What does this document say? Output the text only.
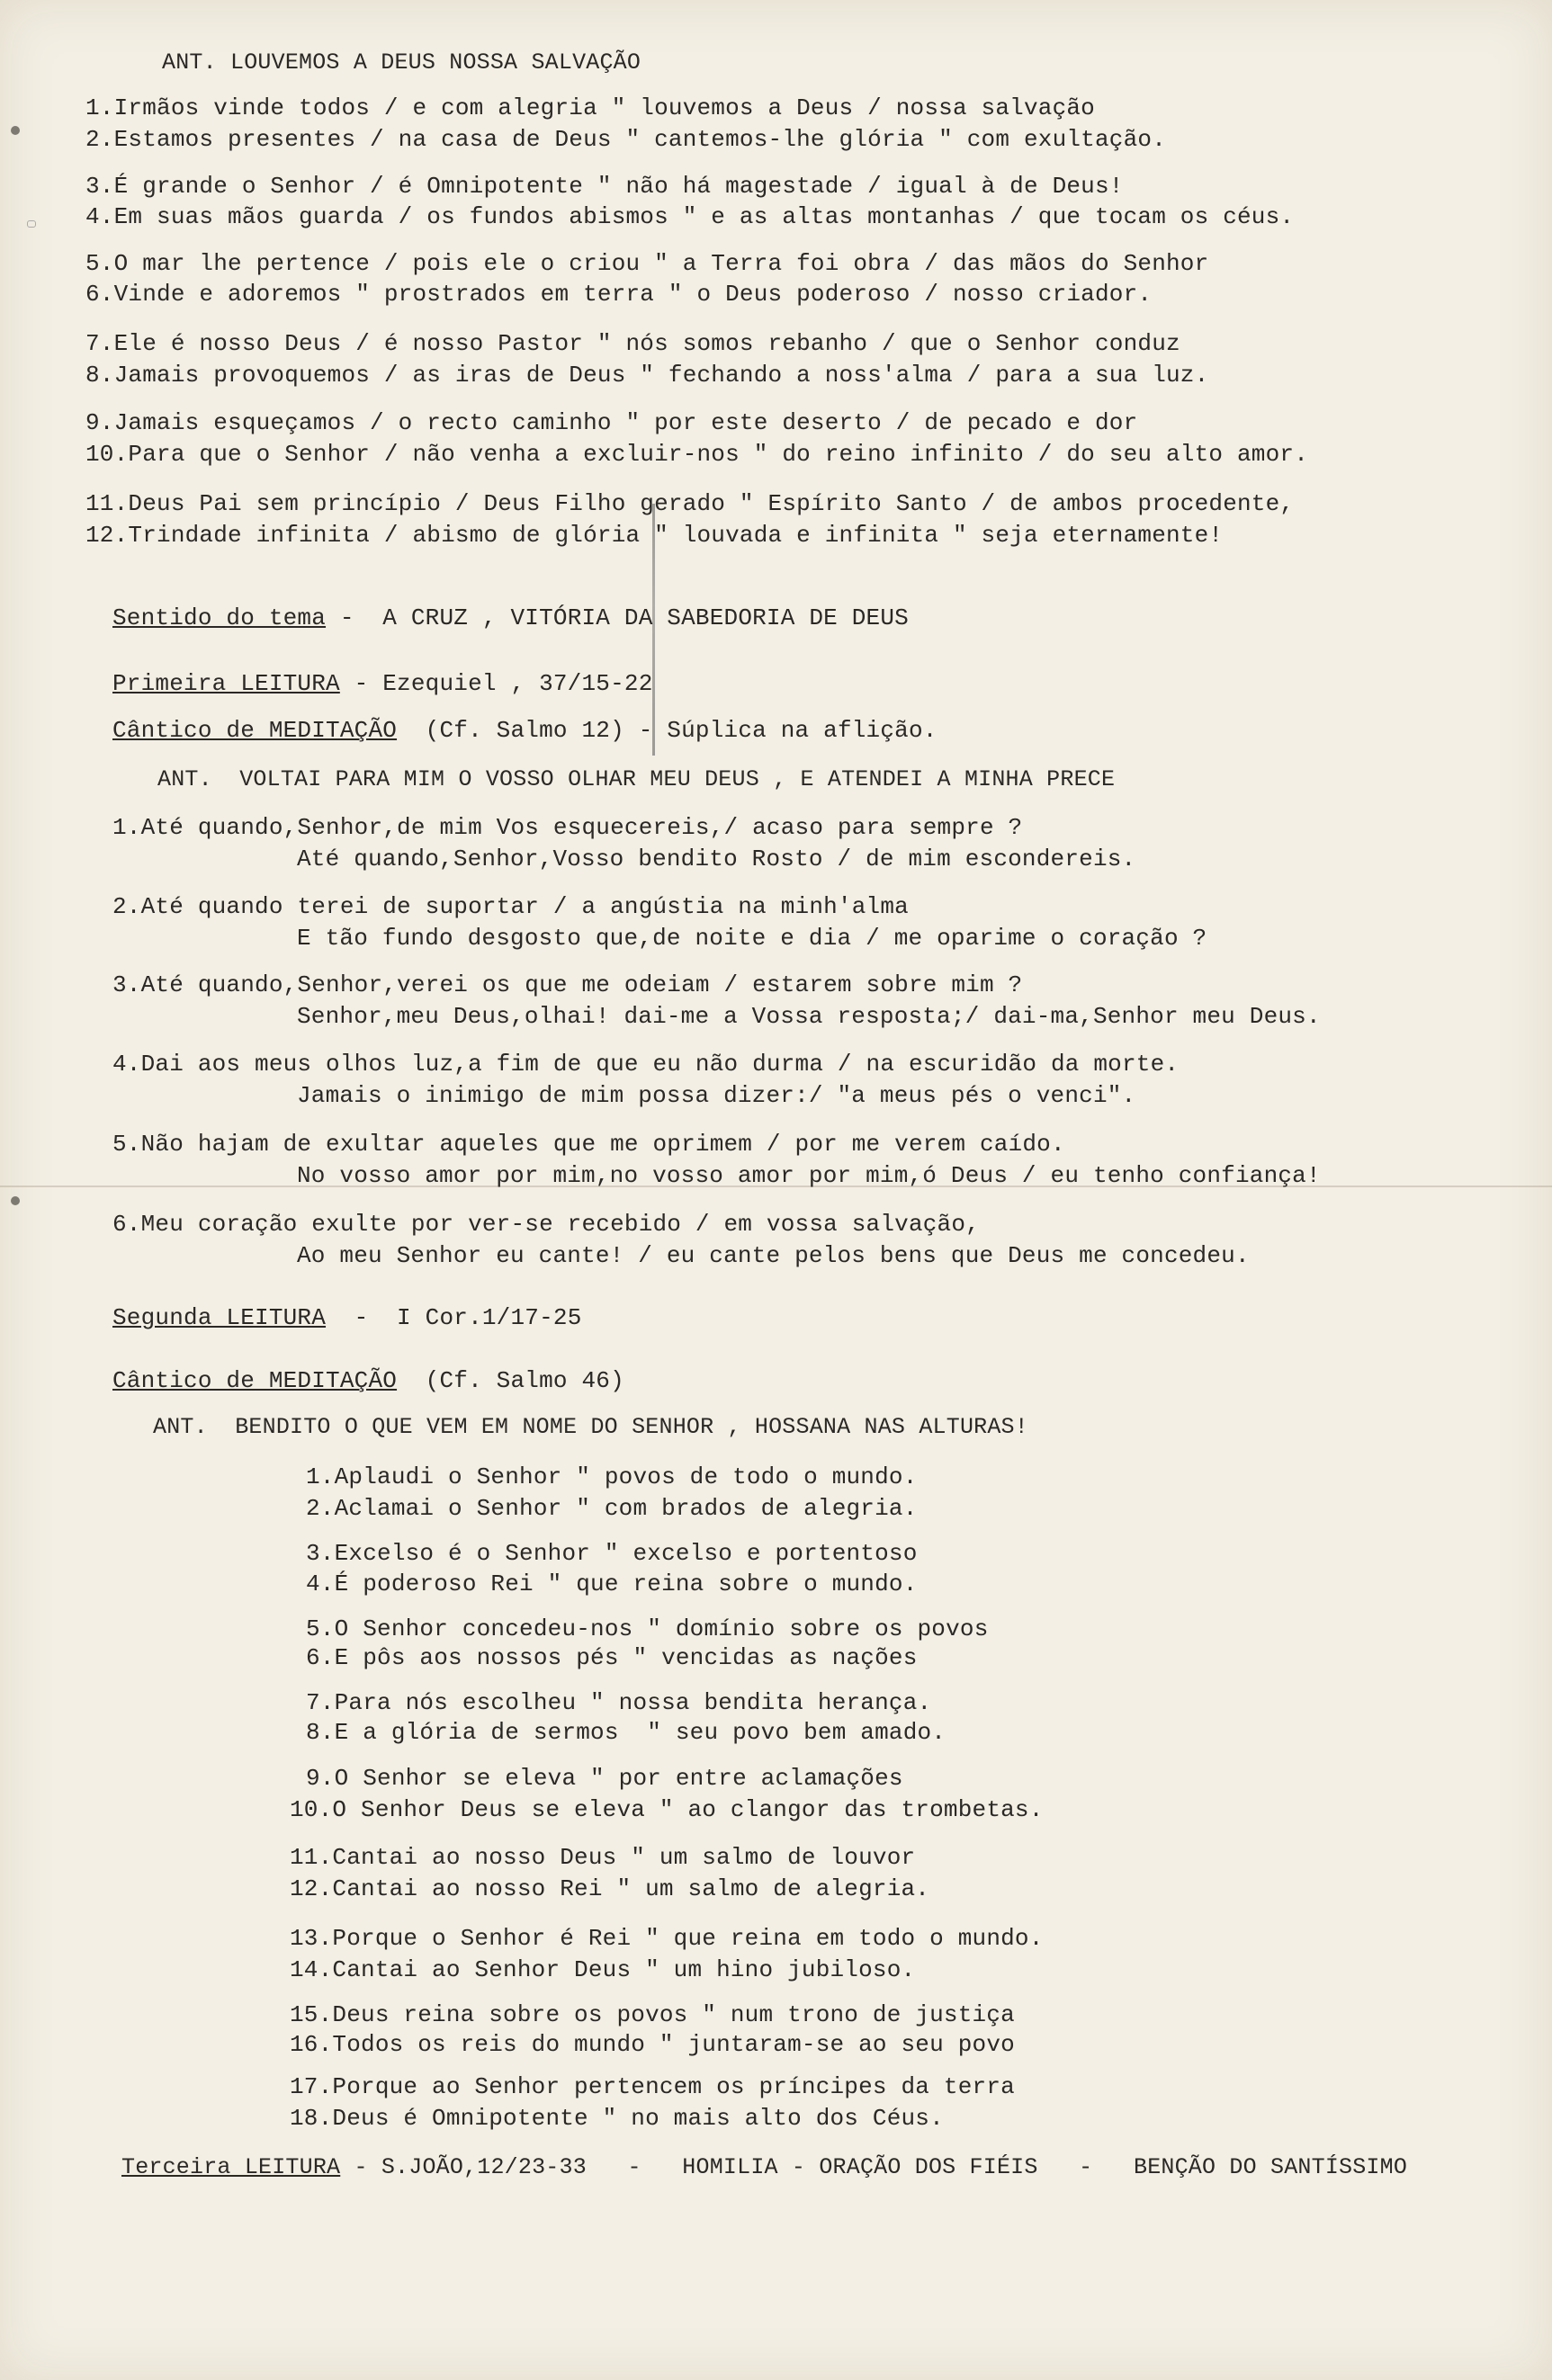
ANT. LOUVEMOS A DEUS NOSSA SALVAÇÃO
1.Irmãos vinde todos / e com alegria " louvemos a Deus / nossa salvação
2.Estamos presentes / na casa de Deus " cantemos-lhe glória " com exultação.
3.É grande o Senhor / é Omnipotente " não há magestade / igual à de Deus!
4.Em suas mãos guarda / os fundos abismos " e as altas montanhas / que tocam os céus.
5.O mar lhe pertence / pois ele o criou " a Terra foi obra / das mãos do Senhor
6.Vinde e adoremos " prostrados em terra " o Deus poderoso / nosso criador.
7.Ele é nosso Deus / é nosso Pastor " nós somos rebanho / que o Senhor conduz
8.Jamais provoquemos / as iras de Deus " fechando a noss'alma / para a sua luz.
9.Jamais esqueçamos / o recto caminho " por este deserto / de pecado e dor
10.Para que o Senhor / não venha a excluir-nos " do reino infinito / do seu alto amor.
11.Deus Pai sem princípio / Deus Filho gerado " Espírito Santo / de ambos procedente,
12.Trindade infinita / abismo de glória " louvada e infinita " seja eternamente!
Sentido do tema -  A CRUZ , VITÓRIA DA SABEDORIA DE DEUS
Primeira LEITURA - Ezequiel , 37/15-22
Cântico de MEDITAÇÃO  (Cf. Salmo 12) - Súplica na aflição.
ANT.  VOLTAI PARA MIM O VOSSO OLHAR MEU DEUS , E ATENDEI A MINHA PRECE
1.Até quando,Senhor,de mim Vos esquecereis,/ acaso para sempre ?
Até quando,Senhor,Vosso bendito Rosto / de mim escondereis.
2.Até quando terei de suportar / a angústia na minh'alma
E tão fundo desgosto que,de noite e dia / me oparime o coração ?
3.Até quando,Senhor,verei os que me odeiam / estarem sobre mim ?
Senhor,meu Deus,olhai! dai-me a Vossa resposta;/ dai-ma,Senhor meu Deus.
4.Dai aos meus olhos luz,a fim de que eu não durma / na escuridão da morte.
Jamais o inimigo de mim possa dizer:/ "a meus pés o venci".
5.Não hajam de exultar aqueles que me oprimem / por me verem caído.
No vosso amor por mim,no vosso amor por mim,ó Deus / eu tenho confiança!
6.Meu coração exulte por ver-se recebido / em vossa salvação,
Ao meu Senhor eu cante! / eu cante pelos bens que Deus me concedeu.
Segunda LEITURA  -  I Cor.1/17-25
Cântico de MEDITAÇÃO  (Cf. Salmo 46)
ANT.  BENDITO O QUE VEM EM NOME DO SENHOR , HOSSANA NAS ALTURAS!
1.Aplaudi o Senhor " povos de todo o mundo.
2.Aclamai o Senhor " com brados de alegria.
3.Excelso é o Senhor " excelso e portentoso
4.É poderoso Rei " que reina sobre o mundo.
5.O Senhor concedeu-nos " domínio sobre os povos
6.E pôs aos nossos pés " vencidas as nações
7.Para nós escolheu " nossa bendita herança.
8.E a glória de sermos  " seu povo bem amado.
9.O Senhor se eleva " por entre aclamações
10.O Senhor Deus se eleva " ao clangor das trombetas.
11.Cantai ao nosso Deus " um salmo de louvor
12.Cantai ao nosso Rei " um salmo de alegria.
13.Porque o Senhor é Rei " que reina em todo o mundo.
14.Cantai ao Senhor Deus " um hino jubiloso.
15.Deus reina sobre os povos " num trono de justiça
16.Todos os reis do mundo " juntaram-se ao seu povo
17.Porque ao Senhor pertencem os príncipes da terra
18.Deus é Omnipotente " no mais alto dos Céus.
Terceira LEITURA - S.JOÃO,12/23-33   -   HOMILIA - ORAÇÃO DOS FIÉIS   -   BENÇÃO DO SANTÍSSIMO
